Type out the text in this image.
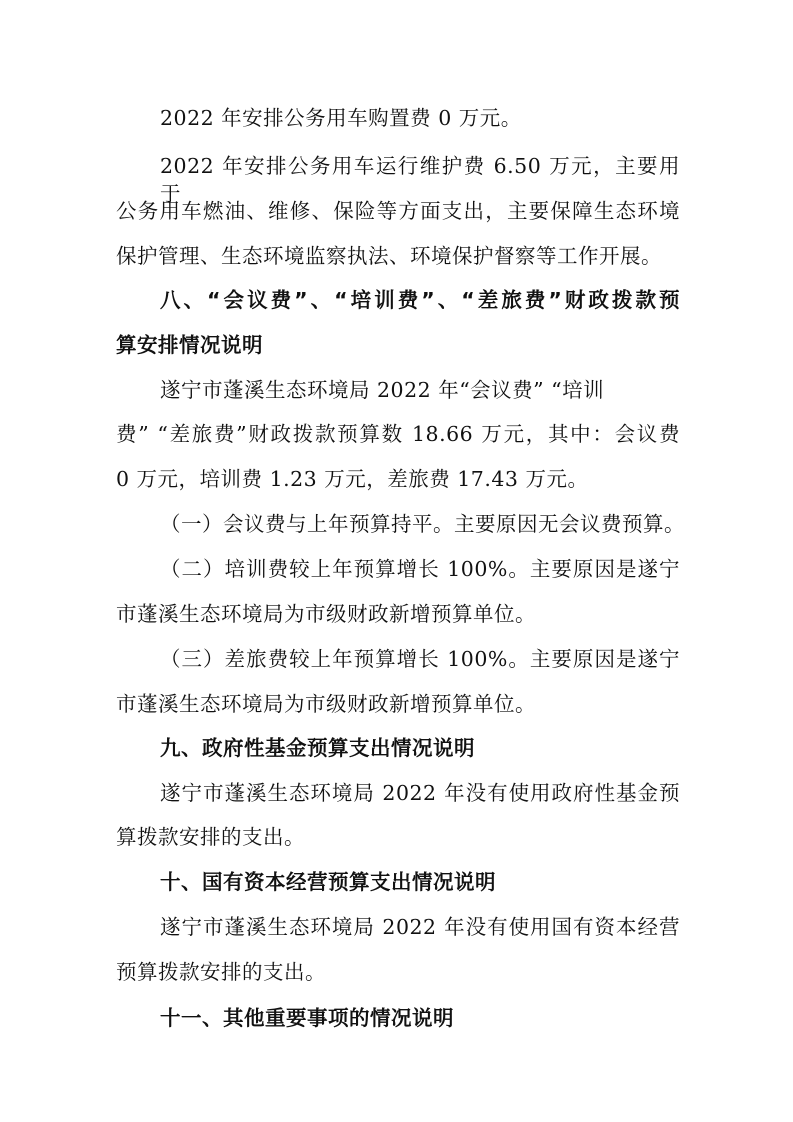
2022 年安排公务用车购置费 0 万元。
2022 年安排公务用车运行维护费 6.50 万元，主要用于
公务用车燃油、维修、保险等方面支出，主要保障生态环境
保护管理、生态环境监察执法、环境保护督察等工作开展。
八、“会议费”、“培训费”、“差旅费”财政拨款预
算安排情况说明
遂宁市蓬溪生态环境局 2022 年“会议费” “培训
费” “差旅费”财政拨款预算数 18.66 万元，其中：会议费
0 万元，培训费 1.23 万元，差旅费 17.43 万元。
（一）会议费与上年预算持平。主要原因无会议费预算。
（二）培训费较上年预算增长 100%。主要原因是遂宁
市蓬溪生态环境局为市级财政新增预算单位。
（三）差旅费较上年预算增长 100%。主要原因是遂宁
市蓬溪生态环境局为市级财政新增预算单位。
九、政府性基金预算支出情况说明
遂宁市蓬溪生态环境局 2022 年没有使用政府性基金预
算拨款安排的支出。
十、国有资本经营预算支出情况说明
遂宁市蓬溪生态环境局 2022 年没有使用国有资本经营
预算拨款安排的支出。
十一、其他重要事项的情况说明
